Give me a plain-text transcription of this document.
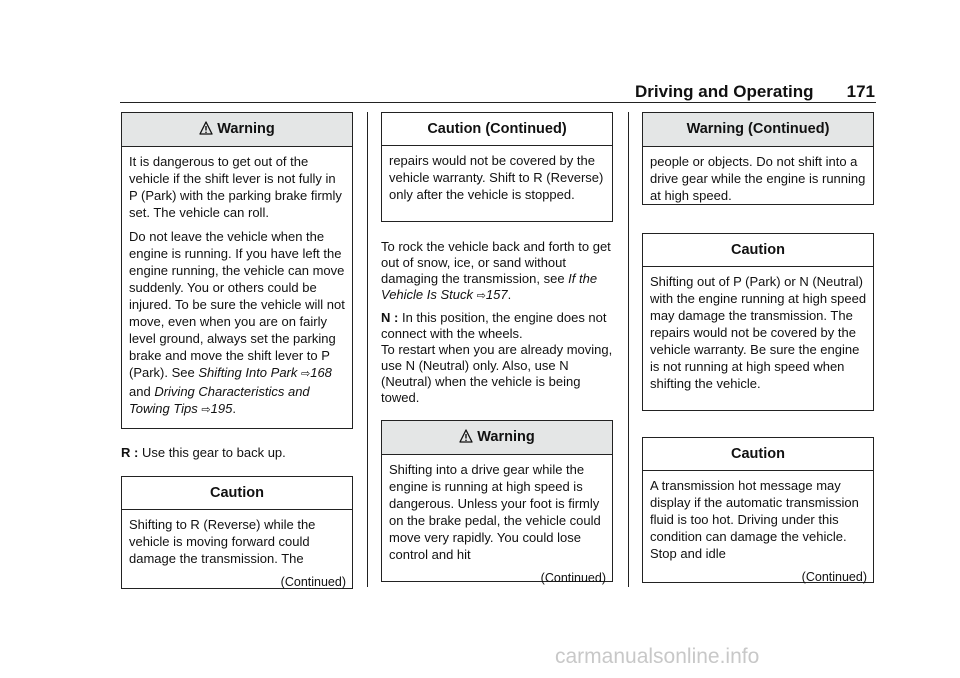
Driving and Operating 171
Warning

It is dangerous to get out of the vehicle if the shift lever is not fully in P (Park) with the parking brake firmly set. The vehicle can roll.

Do not leave the vehicle when the engine is running. If you have left the engine running, the vehicle can move suddenly. You or others could be injured. To be sure the vehicle will not move, even when you are on fairly level ground, always set the parking brake and move the shift lever to P (Park). See Shifting Into Park ⇨168 and Driving Characteristics and Towing Tips ⇨195.

R : Use this gear to back up.

Caution

Shifting to R (Reverse) while the vehicle is moving forward could damage the transmission. The

(Continued)
Caution (Continued)

repairs would not be covered by the vehicle warranty. Shift to R (Reverse) only after the vehicle is stopped.

To rock the vehicle back and forth to get out of snow, ice, or sand without damaging the transmission, see If the Vehicle Is Stuck ⇨157.

N : In this position, the engine does not connect with the wheels.

To restart when you are already moving, use N (Neutral) only. Also, use N (Neutral) when the vehicle is being towed.

Warning

Shifting into a drive gear while the engine is running at high speed is dangerous. Unless your foot is firmly on the brake pedal, the vehicle could move very rapidly. You could lose control and hit

(Continued)
Warning (Continued)

people or objects. Do not shift into a drive gear while the engine is running at high speed.

Caution

Shifting out of P (Park) or N (Neutral) with the engine running at high speed may damage the transmission. The repairs would not be covered by the vehicle warranty. Be sure the engine is not running at high speed when shifting the vehicle.

Caution

A transmission hot message may display if the automatic transmission fluid is too hot. Driving under this condition can damage the vehicle. Stop and idle

(Continued)
carmanualsonline.info
